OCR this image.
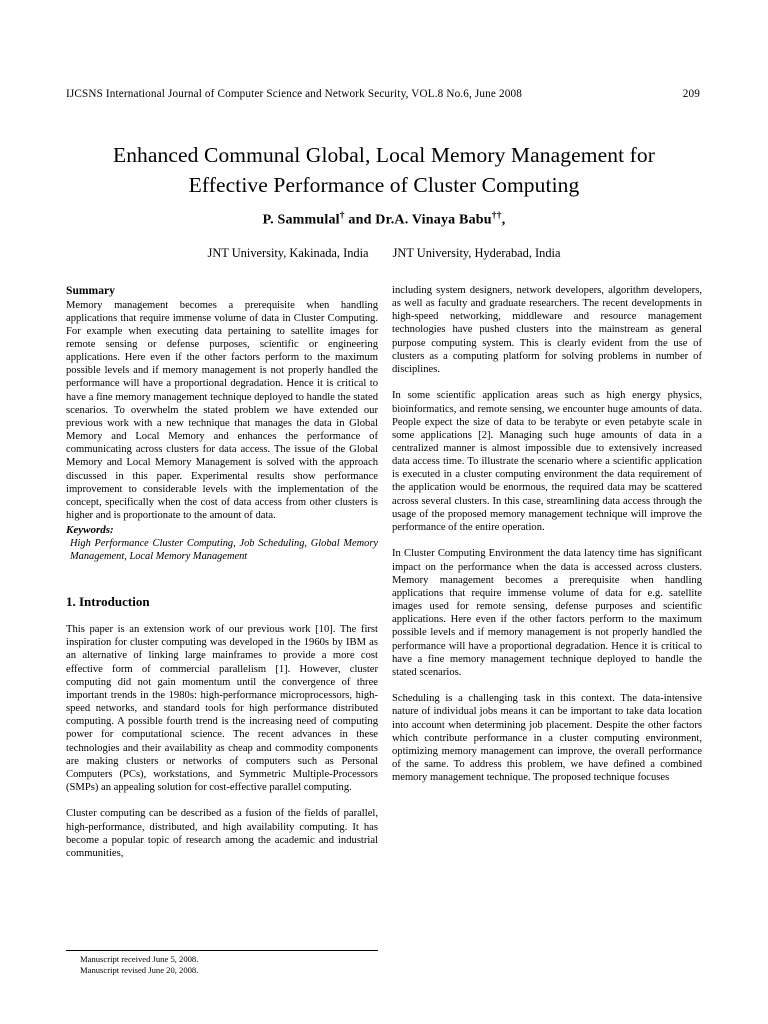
IJCSNS International Journal of Computer Science and Network Security, VOL.8 No.6, June 2008	209
Enhanced Communal Global, Local Memory Management for
Effective Performance of Cluster Computing
P. Sammulal† and Dr.A. Vinaya Babu††,
JNT University, Kakinada, India JNT University, Hyderabad, India
Summary

Memory management becomes a prerequisite when handling applications that require immense volume of data in Cluster Computing. For example when executing data pertaining to satellite images for remote sensing or defense purposes, scientific or engineering applications. Here even if the other factors perform to the maximum possible levels and if memory management is not properly handled the performance will have a proportional degradation. Hence it is critical to have a fine memory management technique deployed to handle the stated scenarios. To overwhelm the stated problem we have extended our previous work with a new technique that manages the data in Global Memory and Local Memory and enhances the performance of communicating across clusters for data access. The issue of the Global Memory and Local Memory Management is solved with the approach discussed in this paper. Experimental results show performance improvement to considerable levels with the implementation of the concept, specifically when the cost of data access from other clusters is higher and is proportionate to the amount of data.

Keywords:

High Performance Cluster Computing, Job Scheduling, Global Memory Management, Local Memory Management

1. Introduction

This paper is an extension work of our previous work [10]. The first inspiration for cluster computing was developed in the 1960s by IBM as an alternative of linking large mainframes to provide a more cost effective form of commercial parallelism [1]. However, cluster computing did not gain momentum until the convergence of three important trends in the 1980s: high-performance microprocessors, high-speed networks, and standard tools for high performance distributed computing. A possible fourth trend is the increasing need of computing power for computational science. The recent advances in these technologies and their availability as cheap and commodity components are making clusters or networks of computers such as Personal Computers (PCs), workstations, and Symmetric Multiple-Processors (SMPs) an appealing solution for cost-effective parallel computing.

Cluster computing can be described as a fusion of the fields of parallel, high-performance, distributed, and high availability computing. It has become a popular topic of research among the academic and industrial communities,

including system designers, network developers, algorithm developers, as well as faculty and graduate researchers. The recent developments in high-speed networking, middleware and resource management technologies have pushed clusters into the mainstream as general purpose computing system. This is clearly evident from the use of clusters as a computing platform for solving problems in number of disciplines.

In some scientific application areas such as high energy physics, bioinformatics, and remote sensing, we encounter huge amounts of data. People expect the size of data to be terabyte or even petabyte scale in some applications [2]. Managing such huge amounts of data in a centralized manner is almost impossible due to extensively increased data access time. To illustrate the scenario where a scientific application is executed in a cluster computing environment the data requirement of the application would be enormous, the required data may be scattered across several clusters. In this case, streamlining data access through the usage of the proposed memory management technique will improve the performance of the entire operation.

In Cluster Computing Environment the data latency time has significant impact on the performance when the data is accessed across clusters. Memory management becomes a prerequisite when handling applications that require immense volume of data for e.g. satellite images used for remote sensing, defense purposes and scientific applications. Here even if the other factors perform to the maximum possible levels and if memory management is not properly handled the performance will have a proportional degradation. Hence it is critical to have a fine memory management technique deployed to handle the stated scenarios.

Scheduling is a challenging task in this context. The data-intensive nature of individual jobs means it can be important to take data location into account when determining job placement. Despite the other factors which contribute performance in a cluster computing environment, optimizing memory management can improve, the overall performance of the same. To address this problem, we have defined a combined memory management technique. The proposed technique focuses

Manuscript received June 5, 2008.
Manuscript revised June 20, 2008.
